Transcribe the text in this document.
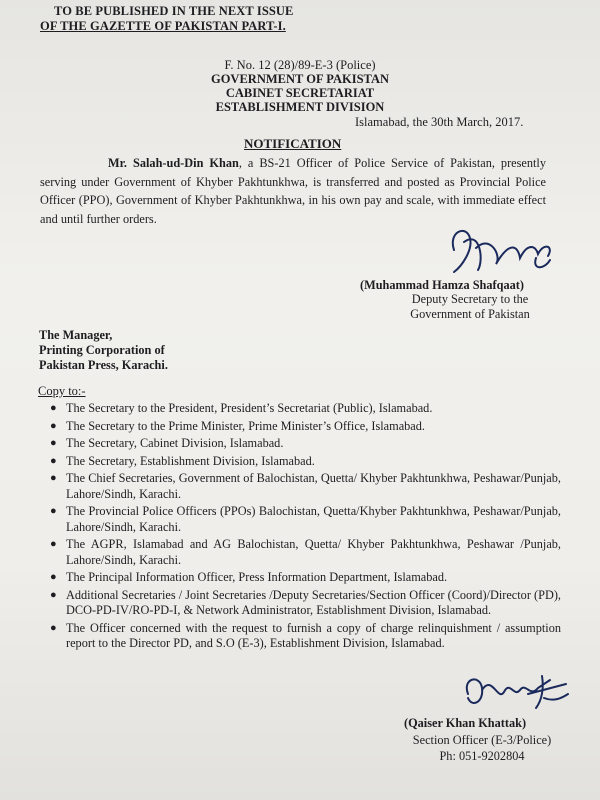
TO BE PUBLISHED IN THE NEXT ISSUE
OF THE GAZETTE OF PAKISTAN PART-I.
F. No. 12 (28)/89-E-3 (Police)
GOVERNMENT OF PAKISTAN
CABINET SECRETARIAT
ESTABLISHMENT DIVISION
Islamabad, the 30th March, 2017.
NOTIFICATION
Mr. Salah-ud-Din Khan, a BS-21 Officer of Police Service of Pakistan, presently serving under Government of Khyber Pakhtunkhwa, is transferred and posted as Provincial Police Officer (PPO), Government of Khyber Pakhtunkhwa, in his own pay and scale, with immediate effect and until further orders.
(Muhammad Hamza Shafqaat)
Deputy Secretary to the
Government of Pakistan
The Manager,
Printing Corporation of
Pakistan Press, Karachi.
Copy to:-
● The Secretary to the President, President’s Secretariat (Public), Islamabad.
● The Secretary to the Prime Minister, Prime Minister’s Office, Islamabad.
● The Secretary, Cabinet Division, Islamabad.
● The Secretary, Establishment Division, Islamabad.
● The Chief Secretaries, Government of Balochistan, Quetta/ Khyber Pakhtunkhwa, Peshawar/Punjab, Lahore/Sindh, Karachi.
● The Provincial Police Officers (PPOs) Balochistan, Quetta/Khyber Pakhtunkhwa, Peshawar/Punjab, Lahore/Sindh, Karachi.
● The AGPR, Islamabad and AG Balochistan, Quetta/ Khyber Pakhtunkhwa, Peshawar /Punjab, Lahore/Sindh, Karachi.
● The Principal Information Officer, Press Information Department, Islamabad.
● Additional Secretaries / Joint Secretaries /Deputy Secretaries/Section Officer (Coord)/Director (PD), DCO-PD-IV/RO-PD-I, & Network Administrator, Establishment Division, Islamabad.
● The Officer concerned with the request to furnish a copy of charge relinquishment / assumption report to the Director PD, and S.O (E-3), Establishment Division, Islamabad.
(Qaiser Khan Khattak)
Section Officer (E-3/Police)
Ph: 051-9202804
